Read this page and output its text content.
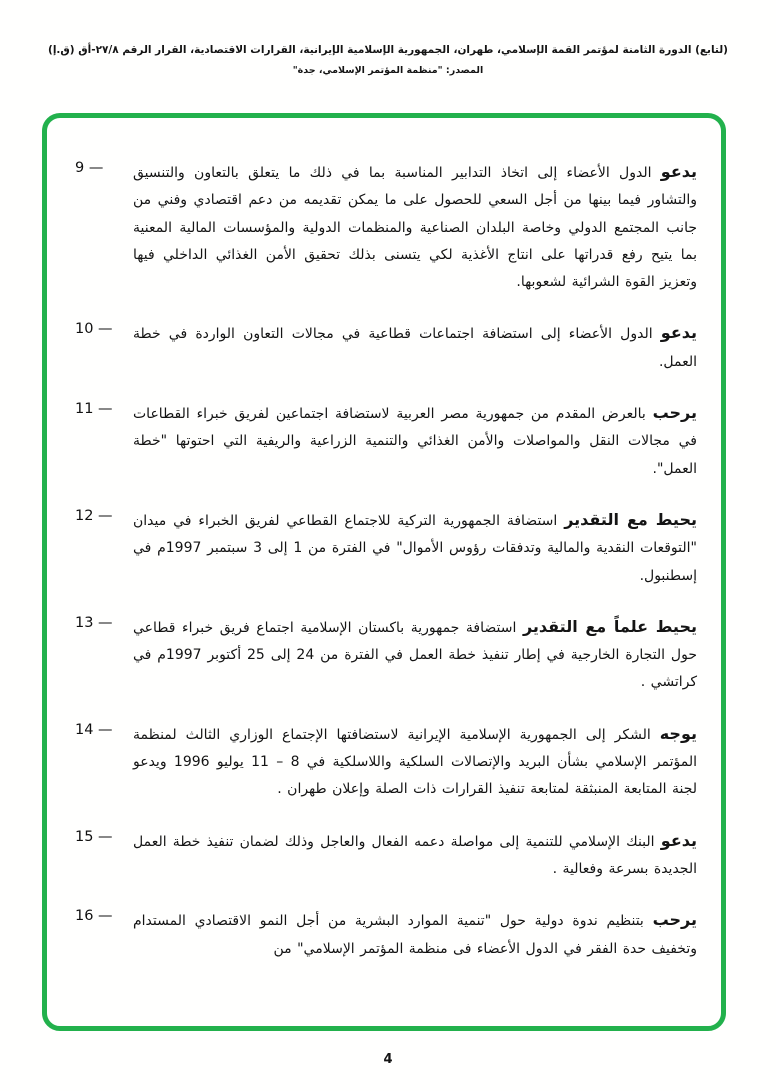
(لتابع) الدورة الثامنة لمؤتمر القمة الإسلامي، طهران، الجمهورية الإسلامية الإيرانية، القرارات الاقتصادية، القرار الرقم ٢٧/٨-أق (ق.إ)
المصدر: "منظمة المؤتمر الإسلامي، جدة"
9 —	يدعو الدول الأعضاء إلى اتخاذ التدابير المناسبة بما في ذلك ما يتعلق بالتعاون والتنسيق والتشاور فيما بينها من أجل السعي للحصول على ما يمكن تقديمه من دعم اقتصادي وفني من جانب المجتمع الدولي وخاصة البلدان الصناعية والمنظمات الدولية والمؤسسات المالية المعنية بما يتيح رفع قدراتها على انتاج الأغذية لكي يتسنى بذلك تحقيق الأمن الغذائي الداخلي فيها وتعزيز القوة الشرائية لشعوبها.
10 —	يدعو الدول الأعضاء إلى استضافة اجتماعات قطاعية في مجالات التعاون الواردة في خطة العمل.
11 —	يرحب بالعرض المقدم من جمهورية مصر العربية لاستضافة اجتماعين لفريق خبراء القطاعات في مجالات النقل والمواصلات والأمن الغذائي والتنمية الزراعية والريفية التي احتوتها "خطة العمل".
12 —	يحيط مع التقدير استضافة الجمهورية التركية للاجتماع القطاعي لفريق الخبراء في ميدان "التوقعات النقدية والمالية وتدفقات رؤوس الأموال" في الفترة من 1 إلى 3 سبتمبر 1997م في إسطنبول.
13 —	يحيط علماً مع التقدير استضافة جمهورية باكستان الإسلامية اجتماع فريق خبراء قطاعي حول التجارة الخارجية في إطار تنفيذ خطة العمل في الفترة من 24 إلى 25 أكتوبر 1997م في كراتشي .
14 —	يوجه الشكر إلى الجمهورية الإسلامية الإيرانية لاستضافتها الإجتماع الوزاري الثالث لمنظمة المؤتمر الإسلامي بشأن البريد والإتصالات السلكية واللاسلكية في 8 – 11 يوليو 1996 ويدعو لجنة المتابعة المنبثقة لمتابعة تنفيذ القرارات ذات الصلة وإعلان طهران .
15 —	يدعو البنك الإسلامي للتنمية إلى مواصلة دعمه الفعال والعاجل وذلك لضمان تنفيذ خطة العمل الجديدة بسرعة وفعالية .
16 —	يرحب بتنظيم ندوة دولية حول "تنمية الموارد البشرية من أجل النمو الاقتصادي المستدام وتخفيف حدة الفقر في الدول الأعضاء فى منظمة المؤتمر الإسلامي" من
4
